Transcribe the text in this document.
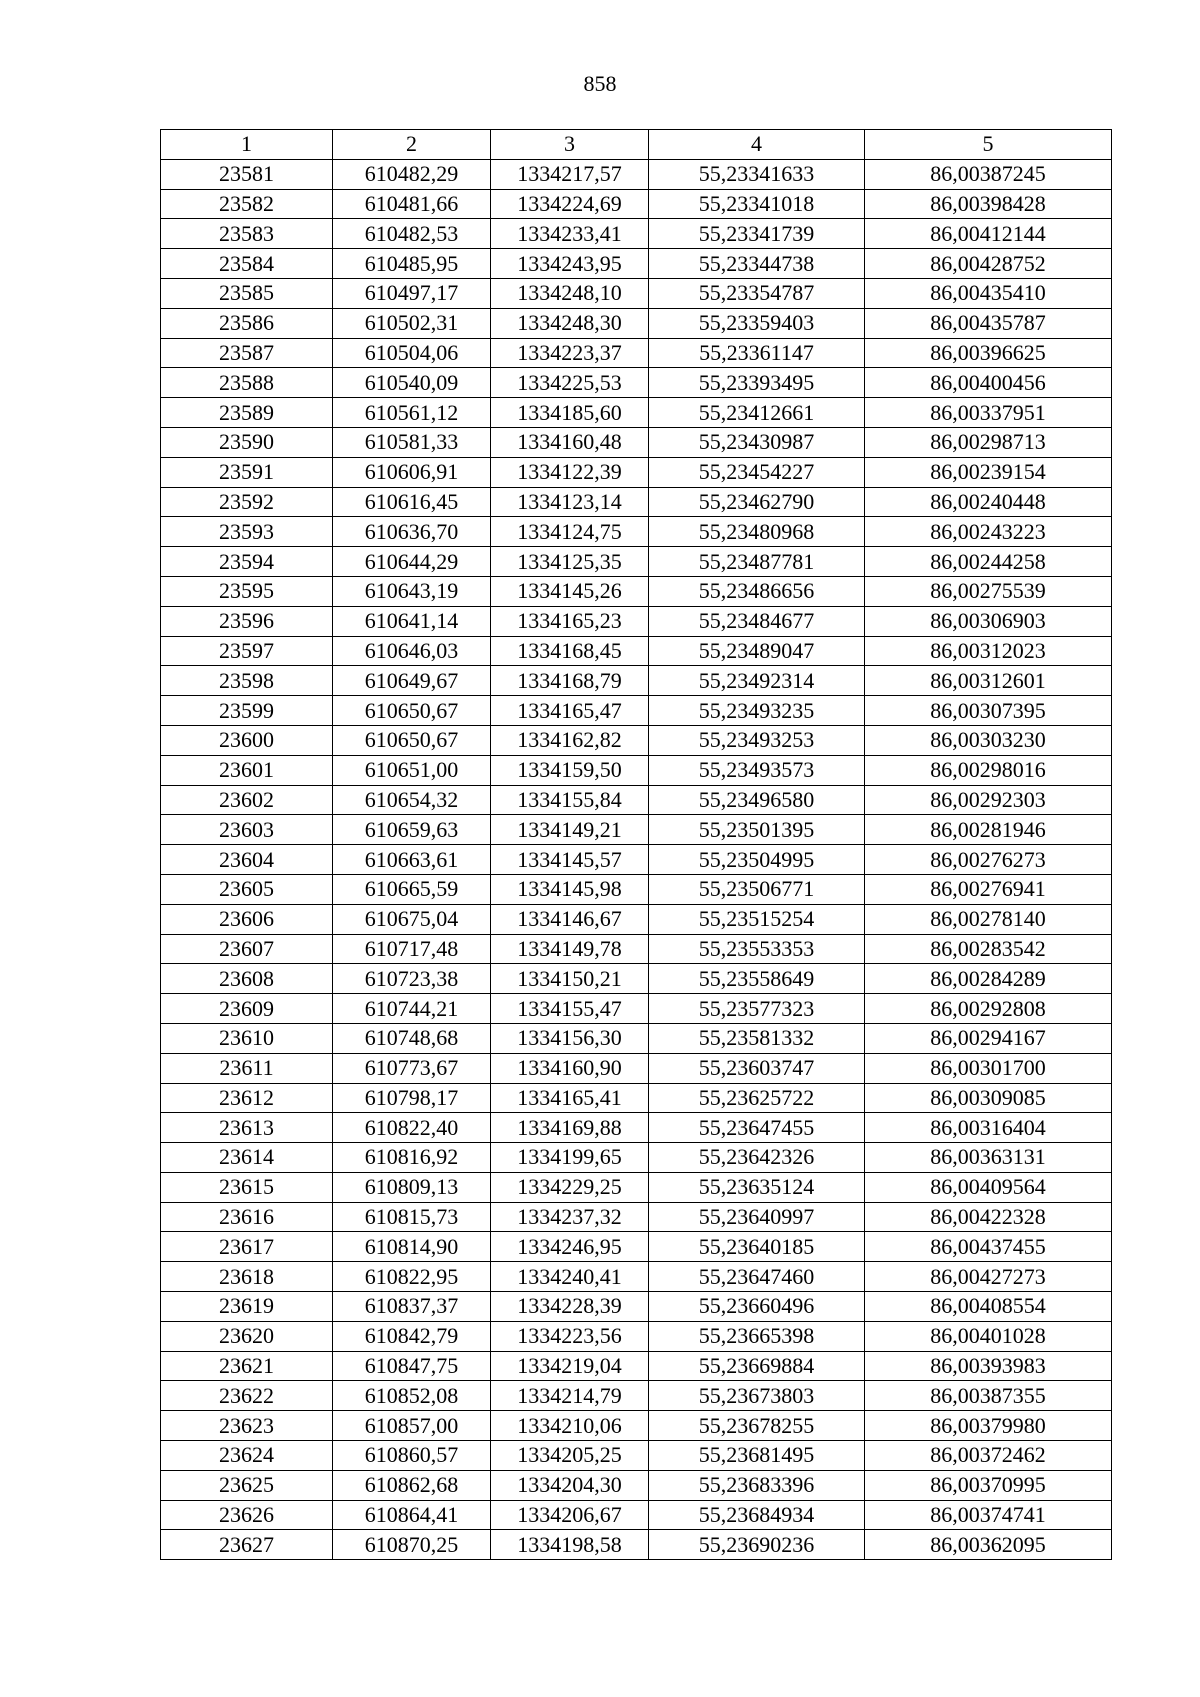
858
1	2	3	4	5
23581	610482,29	1334217,57	55,23341633	86,00387245
23582	610481,66	1334224,69	55,23341018	86,00398428
23583	610482,53	1334233,41	55,23341739	86,00412144
23584	610485,95	1334243,95	55,23344738	86,00428752
23585	610497,17	1334248,10	55,23354787	86,00435410
23586	610502,31	1334248,30	55,23359403	86,00435787
23587	610504,06	1334223,37	55,23361147	86,00396625
23588	610540,09	1334225,53	55,23393495	86,00400456
23589	610561,12	1334185,60	55,23412661	86,00337951
23590	610581,33	1334160,48	55,23430987	86,00298713
23591	610606,91	1334122,39	55,23454227	86,00239154
23592	610616,45	1334123,14	55,23462790	86,00240448
23593	610636,70	1334124,75	55,23480968	86,00243223
23594	610644,29	1334125,35	55,23487781	86,00244258
23595	610643,19	1334145,26	55,23486656	86,00275539
23596	610641,14	1334165,23	55,23484677	86,00306903
23597	610646,03	1334168,45	55,23489047	86,00312023
23598	610649,67	1334168,79	55,23492314	86,00312601
23599	610650,67	1334165,47	55,23493235	86,00307395
23600	610650,67	1334162,82	55,23493253	86,00303230
23601	610651,00	1334159,50	55,23493573	86,00298016
23602	610654,32	1334155,84	55,23496580	86,00292303
23603	610659,63	1334149,21	55,23501395	86,00281946
23604	610663,61	1334145,57	55,23504995	86,00276273
23605	610665,59	1334145,98	55,23506771	86,00276941
23606	610675,04	1334146,67	55,23515254	86,00278140
23607	610717,48	1334149,78	55,23553353	86,00283542
23608	610723,38	1334150,21	55,23558649	86,00284289
23609	610744,21	1334155,47	55,23577323	86,00292808
23610	610748,68	1334156,30	55,23581332	86,00294167
23611	610773,67	1334160,90	55,23603747	86,00301700
23612	610798,17	1334165,41	55,23625722	86,00309085
23613	610822,40	1334169,88	55,23647455	86,00316404
23614	610816,92	1334199,65	55,23642326	86,00363131
23615	610809,13	1334229,25	55,23635124	86,00409564
23616	610815,73	1334237,32	55,23640997	86,00422328
23617	610814,90	1334246,95	55,23640185	86,00437455
23618	610822,95	1334240,41	55,23647460	86,00427273
23619	610837,37	1334228,39	55,23660496	86,00408554
23620	610842,79	1334223,56	55,23665398	86,00401028
23621	610847,75	1334219,04	55,23669884	86,00393983
23622	610852,08	1334214,79	55,23673803	86,00387355
23623	610857,00	1334210,06	55,23678255	86,00379980
23624	610860,57	1334205,25	55,23681495	86,00372462
23625	610862,68	1334204,30	55,23683396	86,00370995
23626	610864,41	1334206,67	55,23684934	86,00374741
23627	610870,25	1334198,58	55,23690236	86,00362095
